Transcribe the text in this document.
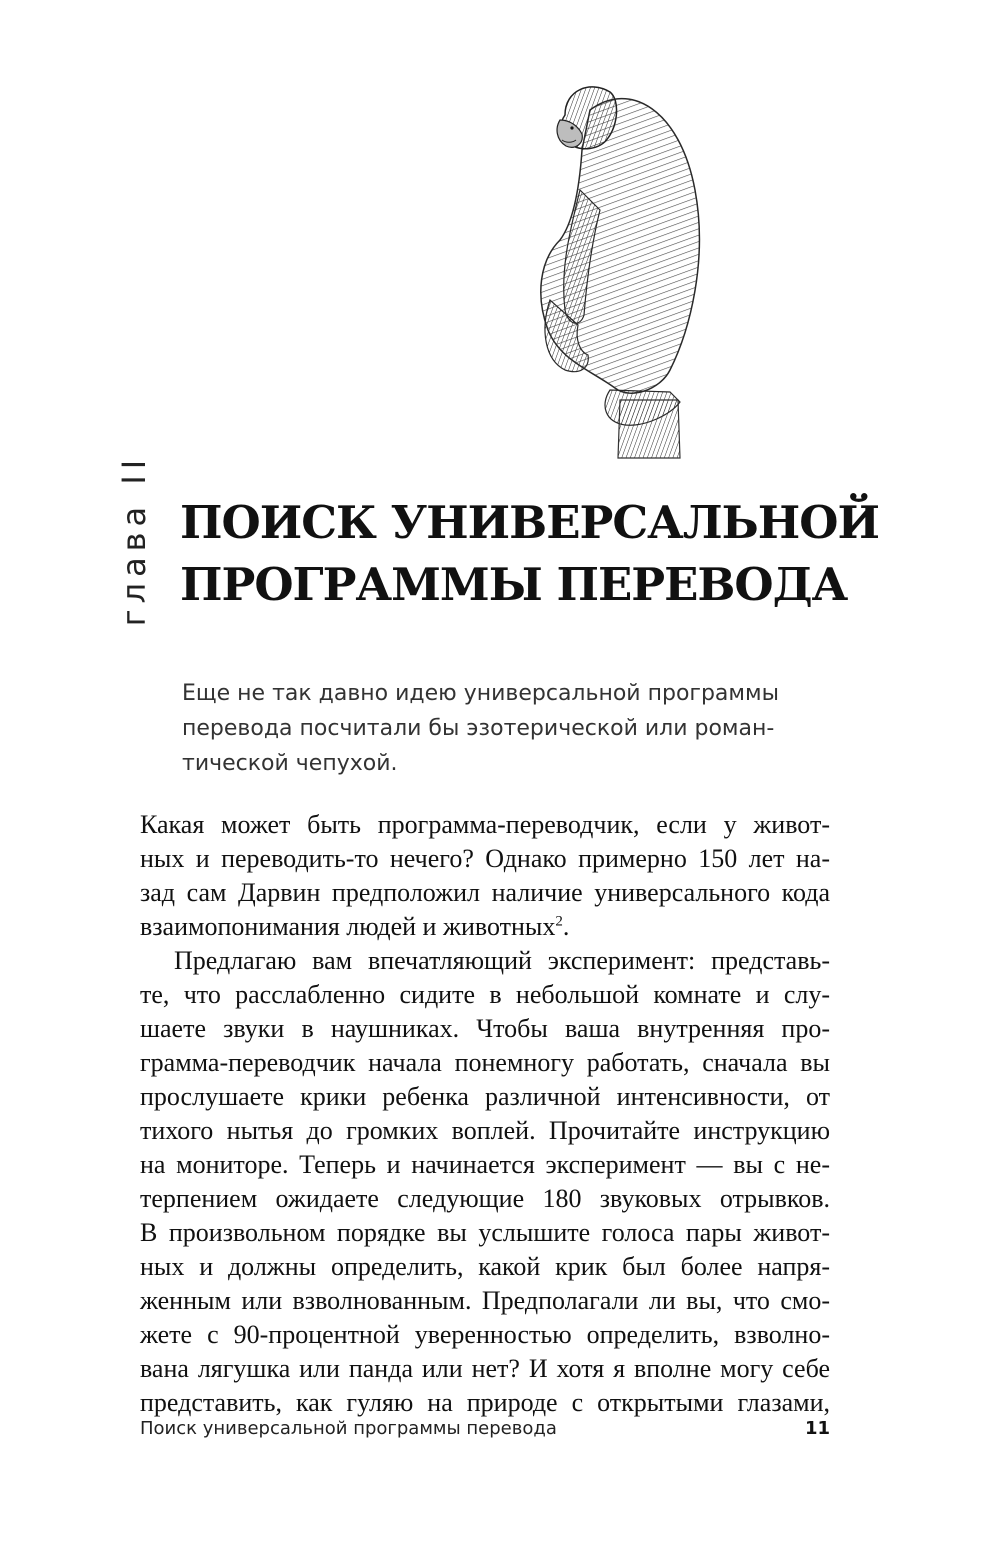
глава II ПОИСК УНИВЕРСАЛЬНОЙ
ПРОГРАММЫ ПЕРЕВОДА

Еще не так давно идею универсальной программы
перевода посчитали бы эзотерической или роман-
тической чепухой.

Какая может быть программа-переводчик, если у живот-
ных и переводить-то нечего? Однако примерно 150 лет на-
зад сам Дарвин предположил наличие универсального кода
взаимопонимания людей и животных$^2$.
Предлагаю вам впечатляющий эксперимент: представь-
те, что расслабленно сидите в небольшой комнате и слу-
шаете звуки в наушниках. Чтобы ваша внутренняя про-
грамма-переводчик начала понемногу работать, сначала вы
прослушаете крики ребенка различной интенсивности, от
тихого нытья до громких воплей. Прочитайте инструкцию
на мониторе. Теперь и начинается эксперимент — вы с не-
терпением ожидаете следующие 180 звуковых отрывков.
В произвольном порядке вы услышите голоса пары живот-
ных и должны определить, какой крик был более напря-
женным или взволнованным. Предполагали ли вы, что смо-
жете с 90-процентной уверенностью определить, взволно-
вана лягушка или панда или нет? И хотя я вполне могу себе
представить, как гуляю на природе с открытыми глазами,
Поиск универсальной программы перевода	11
